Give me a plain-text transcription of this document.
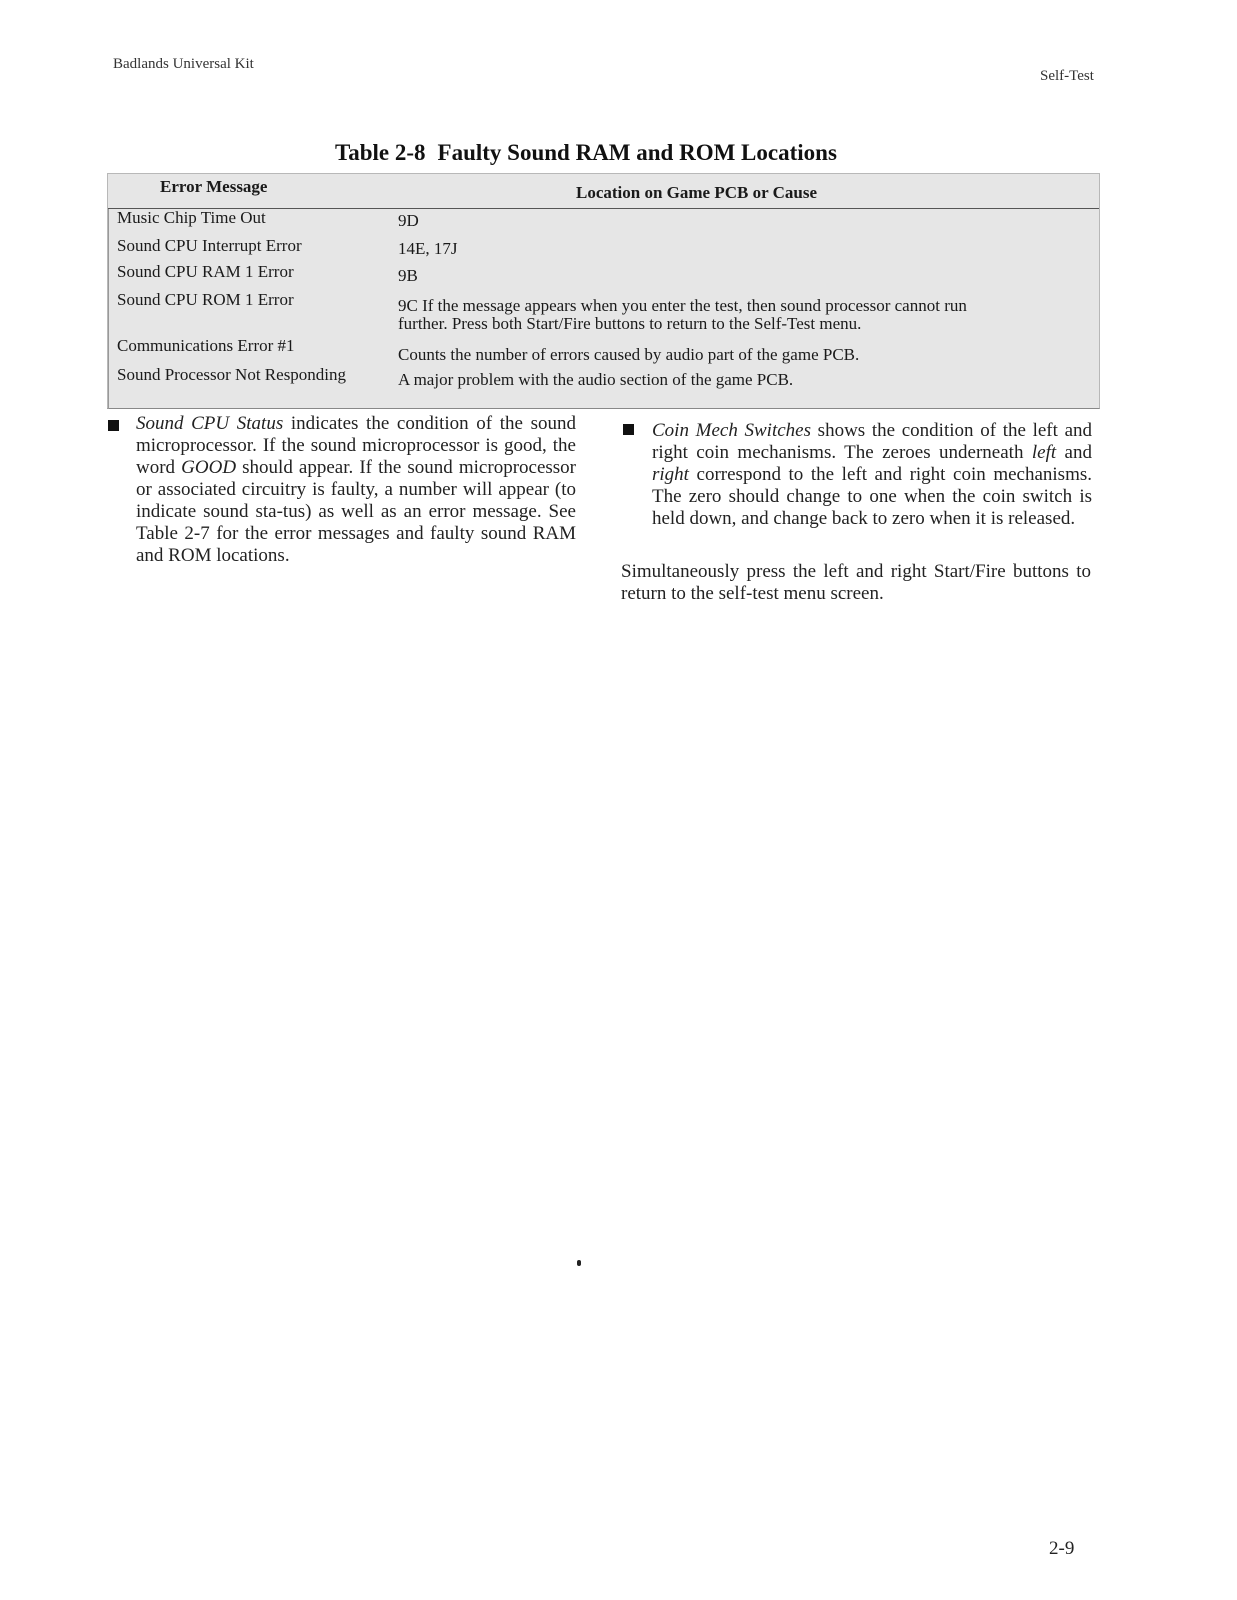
Badlands Universal Kit
Self-Test
Table 2-8 Faulty Sound RAM and ROM Locations
Error Message	Location on Game PCB or Cause
Music Chip Time Out	9D
Sound CPU Interrupt Error	14E, 17J
Sound CPU RAM 1 Error	9B
Sound CPU ROM 1 Error	9C If the message appears when you enter the test, then sound processor cannot run
further. Press both Start/Fire buttons to return to the Self-Test menu.
Communications Error #1	Counts the number of errors caused by audio part of the game PCB.
Sound Processor Not Responding	A major problem with the audio section of the game PCB.
Sound CPU Status indicates the condition of the sound microprocessor. If the sound microprocessor is good, the word GOOD should appear. If the sound microprocessor or associated circuitry is faulty, a number will appear (to indicate sound sta-tus) as well as an error message. See Table 2-7 for the error messages and faulty sound RAM and ROM locations.
Coin Mech Switches shows the condition of the left and right coin mechanisms. The zeroes underneath left and right correspond to the left and right coin mechanisms. The zero should change to one when the coin switch is held down, and change back to zero when it is released.
Simultaneously press the left and right Start/Fire buttons to return to the self-test menu screen.
2-9
